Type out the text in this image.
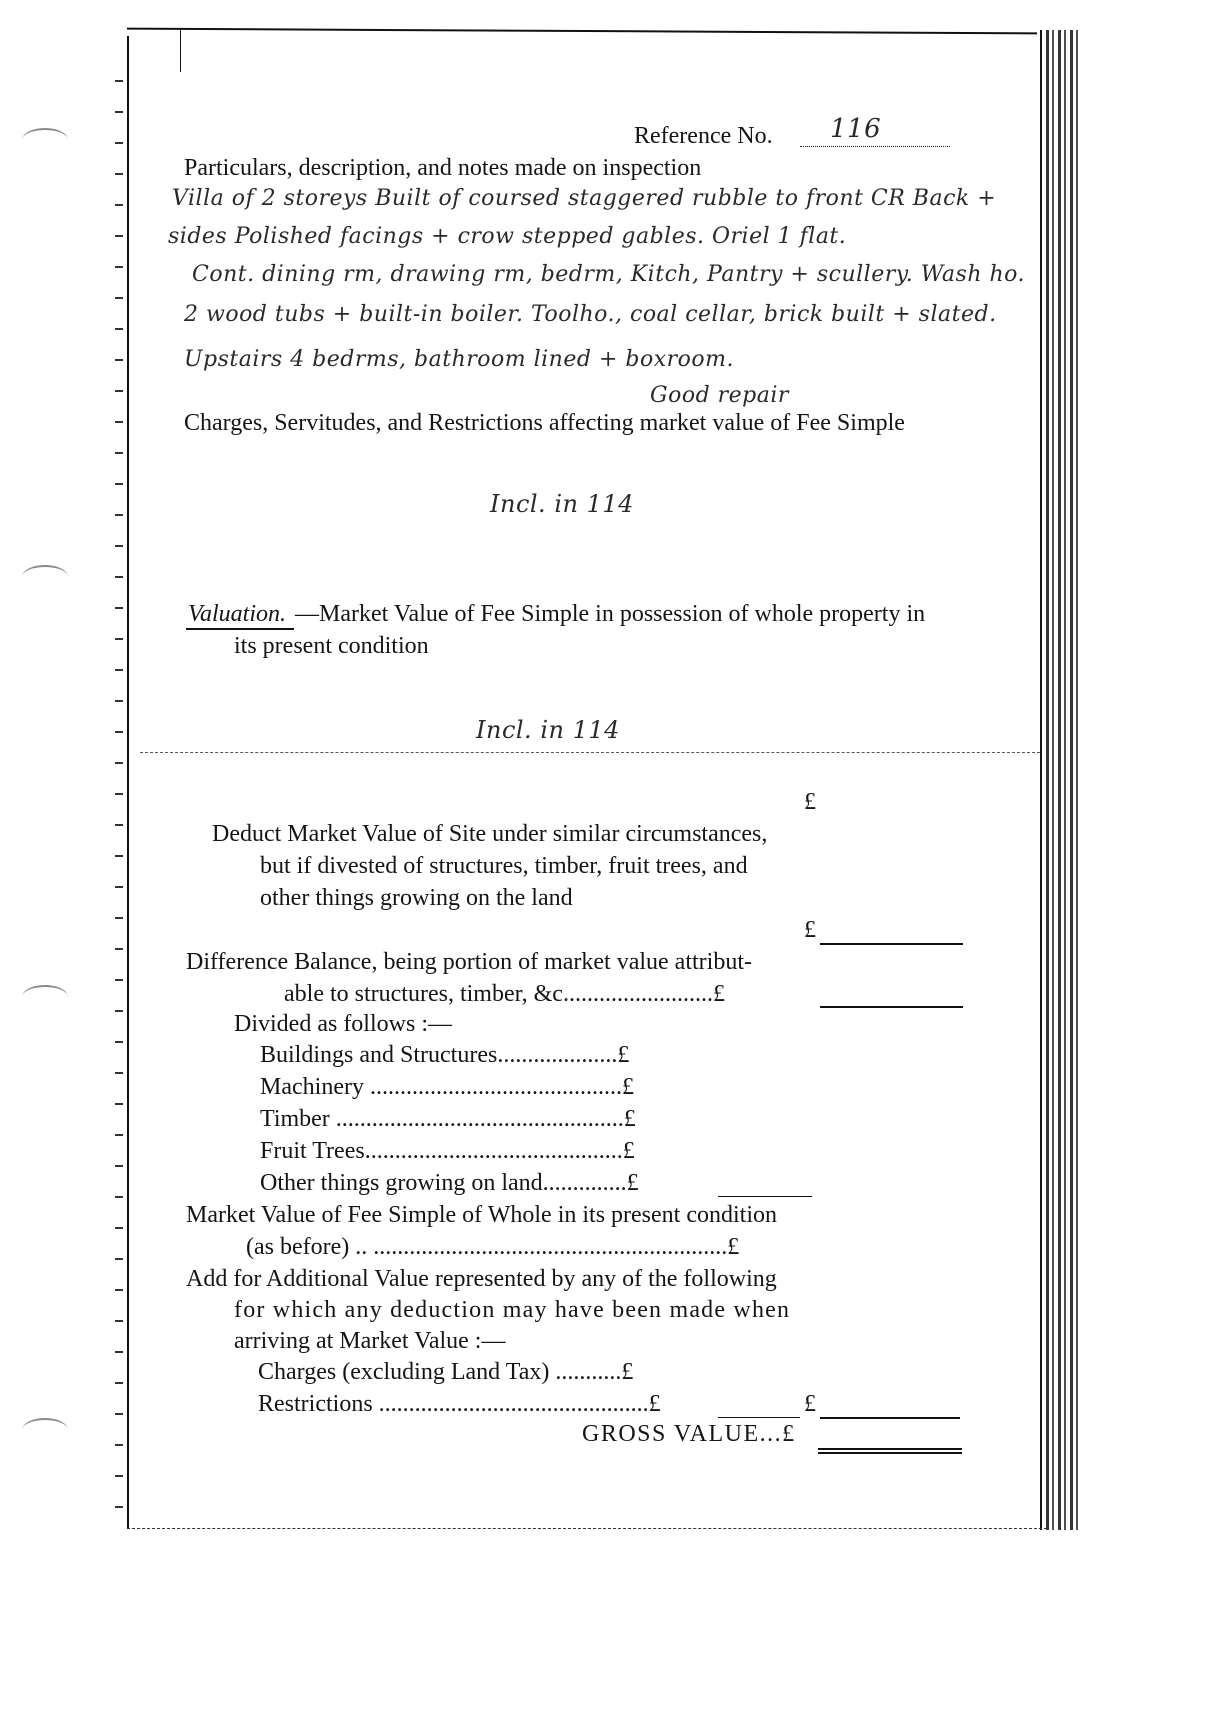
Reference No. 116
Particulars, description, and notes made on inspection
Villa of 2 storeys Built of coursed staggered rubble to front CR Back +
sides Polished facings + crow stepped gables. Oriel 1 flat.
Cont. dining rm, drawing rm, bedrm, Kitch, Pantry + scullery. Wash ho.
2 wood tubs + built-in boiler. Toolho., coal cellar, brick built + slated.
Upstairs 4 bedrms, bathroom lined + boxroom.
Good repair
Charges, Servitudes, and Restrictions affecting market value of Fee Simple
Incl. in 114
Valuation. —Market Value of Fee Simple in possession of whole property in
its present condition
Incl. in 114
£
Deduct Market Value of Site under similar circumstances,
but if divested of structures, timber, fruit trees, and
other things growing on the land
£
Difference Balance, being portion of market value attribut-
able to structures, timber, &c.........................£
Divided as follows :—
Buildings and Structures....................£
Machinery ..........................................£
Timber ................................................£
Fruit Trees...........................................£
Other things growing on land..............£
Market Value of Fee Simple of Whole in its present condition
(as before) .. ...........................................................£
Add for Additional Value represented by any of the following
for which any deduction may have been made when
arriving at Market Value :—
Charges (excluding Land Tax) ...........£
Restrictions .............................................£	£
GROSS VALUE...£
